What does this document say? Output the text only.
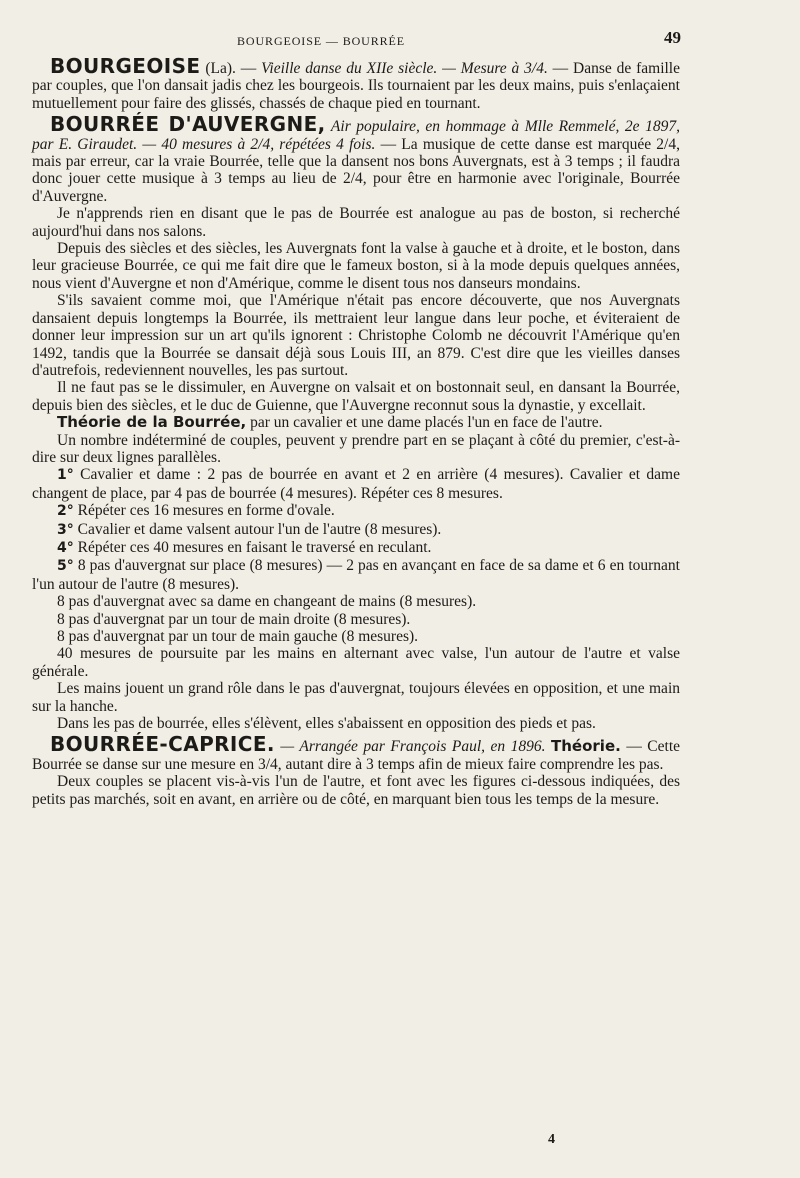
BOURGEOISE — BOURRÉE	49

BOURGEOISE (La). — Vieille danse du XIIe siècle. — Mesure à 3/4. — Danse de famille par couples, que l'on dansait jadis chez les bourgeois. Ils tournaient par les deux mains, puis s'enlaçaient mutuellement pour faire des glissés, chassés de chaque pied en tournant.

BOURRÉE D'AUVERGNE, Air populaire, en hommage à Mlle Remmelé, 2e 1897, par E. Giraudet. — 40 mesures à 2/4, répétées 4 fois. — La musique de cette danse est marquée 2/4, mais par erreur, car la vraie Bourrée, telle que la dansent nos bons Auvergnats, est à 3 temps ; il faudra donc jouer cette musique à 3 temps au lieu de 2/4, pour être en harmonie avec l'originale, Bourrée d'Auvergne.

Je n'apprends rien en disant que le pas de Bourrée est analogue au pas de boston, si recherché aujourd'hui dans nos salons.

Depuis des siècles et des siècles, les Auvergnats font la valse à gauche et à droite, et le boston, dans leur gracieuse Bourrée, ce qui me fait dire que le fameux boston, si à la mode depuis quelques années, nous vient d'Auvergne et non d'Amérique, comme le disent tous nos danseurs mondains.

S'ils savaient comme moi, que l'Amérique n'était pas encore découverte, que nos Auvergnats dansaient depuis longtemps la Bourrée, ils mettraient leur langue dans leur poche, et éviteraient de donner leur impression sur un art qu'ils ignorent : Christophe Colomb ne découvrit l'Amérique qu'en 1492, tandis que la Bourrée se dansait déjà sous Louis III, an 879. C'est dire que les vieilles danses d'autrefois, redeviennent nouvelles, les pas surtout.

Il ne faut pas se le dissimuler, en Auvergne on valsait et on bostonnait seul, en dansant la Bourrée, depuis bien des siècles, et le duc de Guienne, que l'Auvergne reconnut sous la dynastie, y excellait.

Théorie de la Bourrée, par un cavalier et une dame placés l'un en face de l'autre.

Un nombre indéterminé de couples, peuvent y prendre part en se plaçant à côté du premier, c'est-à-dire sur deux lignes parallèles.

1° Cavalier et dame : 2 pas de bourrée en avant et 2 en arrière (4 mesures). Cavalier et dame changent de place, par 4 pas de bourrée (4 mesures). Répéter ces 8 mesures.

2° Répéter ces 16 mesures en forme d'ovale.

3° Cavalier et dame valsent autour l'un de l'autre (8 mesures).

4° Répéter ces 40 mesures en faisant le traversé en reculant.

5° 8 pas d'auvergnat sur place (8 mesures) — 2 pas en avançant en face de sa dame et 6 en tournant l'un autour de l'autre (8 mesures).

8 pas d'auvergnat avec sa dame en changeant de mains (8 mesures).

8 pas d'auvergnat par un tour de main droite (8 mesures).

8 pas d'auvergnat par un tour de main gauche (8 mesures).

40 mesures de poursuite par les mains en alternant avec valse, l'un autour de l'autre et valse générale.

Les mains jouent un grand rôle dans le pas d'auvergnat, toujours élevées en opposition, et une main sur la hanche.

Dans les pas de bourrée, elles s'élèvent, elles s'abaissent en opposition des pieds et pas.

BOURRÉE-CAPRICE. — Arrangée par François Paul, en 1896. Théorie. — Cette Bourrée se danse sur une mesure en 3/4, autant dire à 3 temps afin de mieux faire comprendre les pas.

Deux couples se placent vis-à-vis l'un de l'autre, et font avec les figures ci-dessous indiquées, des petits pas marchés, soit en avant, en arrière ou de côté, en marquant bien tous les temps de la mesure.

4
